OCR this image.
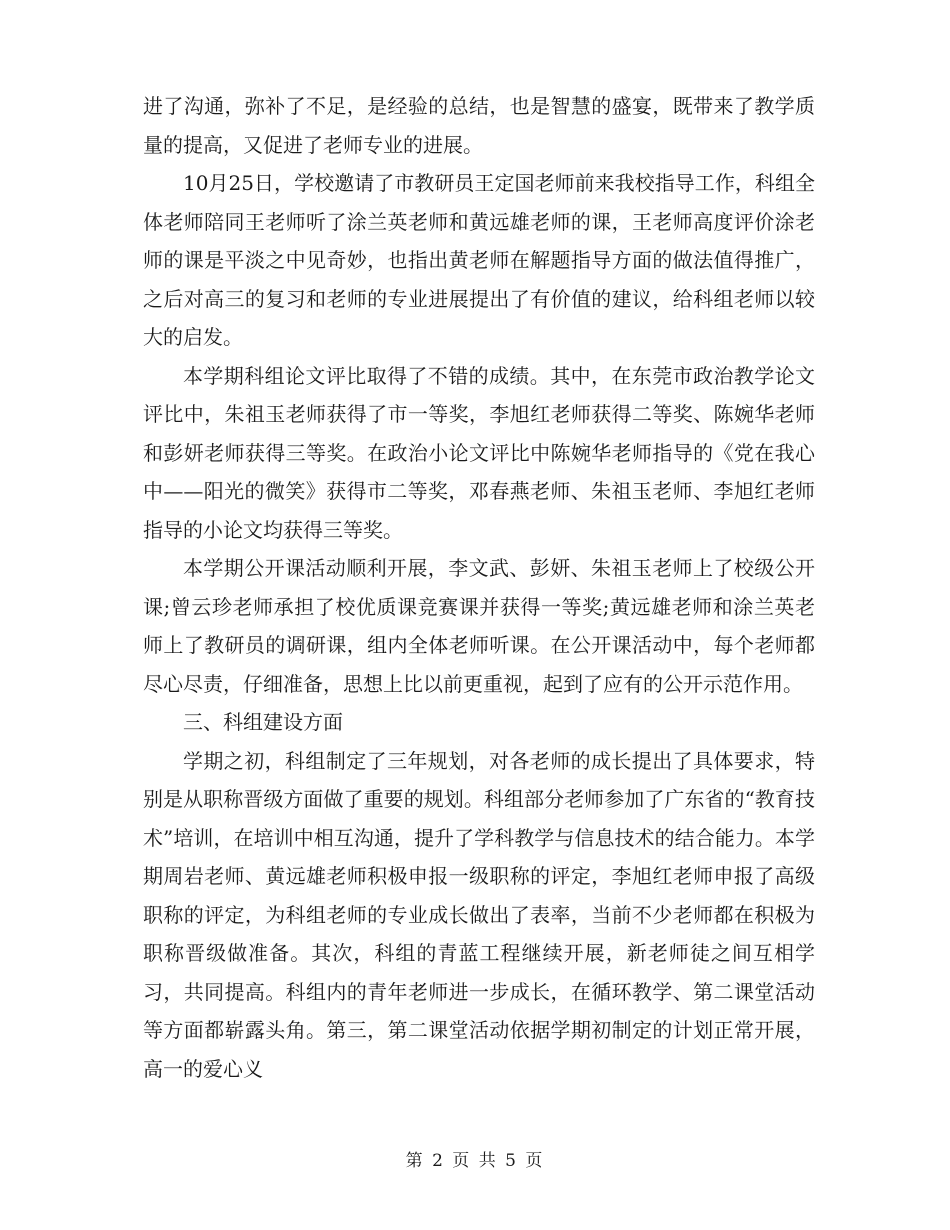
进了沟通，弥补了不足，是经验的总结，也是智慧的盛宴，既带来了教学质量的提高，又促进了老师专业的进展。

10月25日，学校邀请了市教研员王定国老师前来我校指导工作，科组全体老师陪同王老师听了涂兰英老师和黄远雄老师的课，王老师高度评价涂老师的课是平淡之中见奇妙，也指出黄老师在解题指导方面的做法值得推广，之后对高三的复习和老师的专业进展提出了有价值的建议，给科组老师以较大的启发。

本学期科组论文评比取得了不错的成绩。其中，在东莞市政治教学论文评比中，朱祖玉老师获得了市一等奖，李旭红老师获得二等奖、陈婉华老师和彭妍老师获得三等奖。在政治小论文评比中陈婉华老师指导的《党在我心中——阳光的微笑》获得市二等奖，邓春燕老师、朱祖玉老师、李旭红老师指导的小论文均获得三等奖。

本学期公开课活动顺利开展，李文武、彭妍、朱祖玉老师上了校级公开课;曾云珍老师承担了校优质课竞赛课并获得一等奖;黄远雄老师和涂兰英老师上了教研员的调研课，组内全体老师听课。在公开课活动中，每个老师都尽心尽责，仔细准备，思想上比以前更重视，起到了应有的公开示范作用。

三、科组建设方面

学期之初，科组制定了三年规划，对各老师的成长提出了具体要求，特别是从职称晋级方面做了重要的规划。科组部分老师参加了广东省的“教育技术”培训，在培训中相互沟通，提升了学科教学与信息技术的结合能力。本学期周岩老师、黄远雄老师积极申报一级职称的评定，李旭红老师申报了高级职称的评定，为科组老师的专业成长做出了表率，当前不少老师都在积极为职称晋级做准备。其次，科组的青蓝工程继续开展，新老师徒之间互相学习，共同提高。科组内的青年老师进一步成长，在循环教学、第二课堂活动等方面都崭露头角。第三，第二课堂活动依据学期初制定的计划正常开展，高一的爱心义

第 2 页 共 5 页
